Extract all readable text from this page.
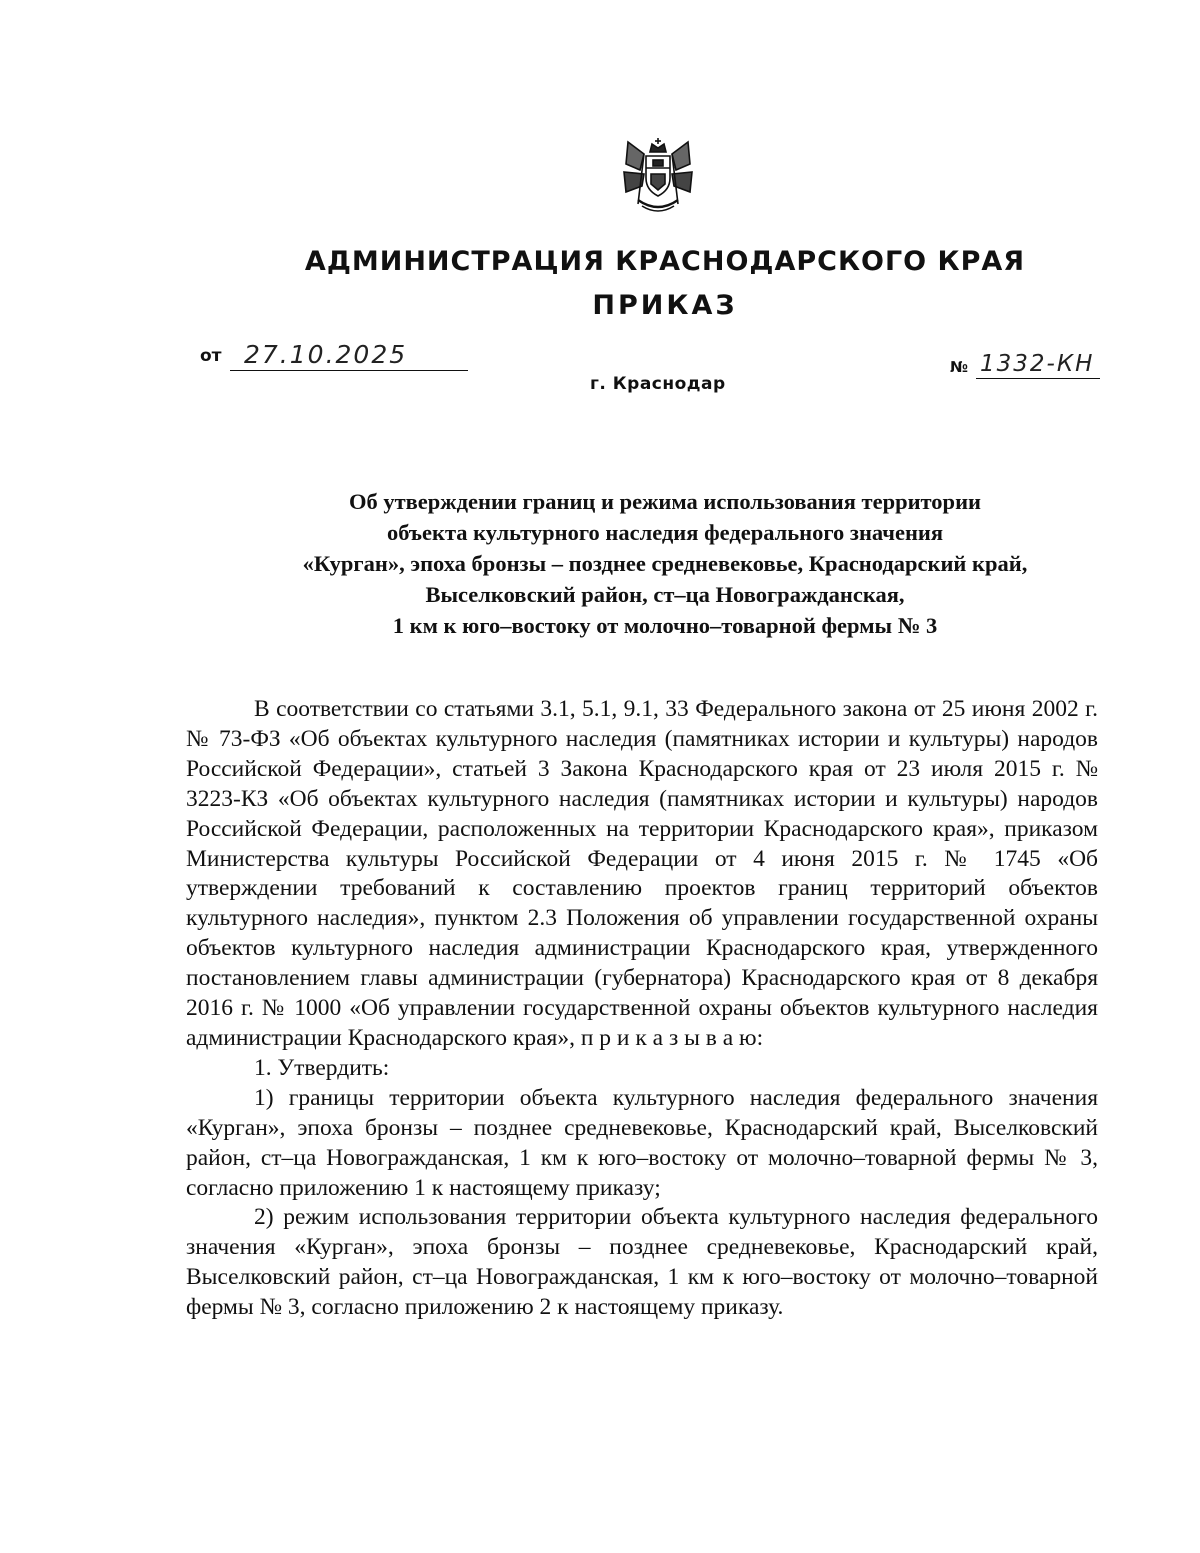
АДМИНИСТРАЦИЯ КРАСНОДАРСКОГО КРАЯ
ПРИКАЗ
от 27.10.2025	№ 1332-КН
г. Краснодар
Об утверждении границ и режима использования территории
объекта культурного наследия федерального значения
«Курган», эпоха бронзы – позднее средневековье, Краснодарский край,
Выселковский район, ст–ца Новогражданская,
1 км к юго–востоку от молочно–товарной фермы № 3

В соответствии со статьями 3.1, 5.1, 9.1, 33 Федерального закона от 25 июня 2002 г. № 73-ФЗ «Об объектах культурного наследия (памятниках истории и культуры) народов Российской Федерации», статьей 3 Закона Краснодарского края от 23 июля 2015 г. № 3223-КЗ «Об объектах культурного наследия (памятниках истории и культуры) народов Российской Федерации, расположенных на территории Краснодарского края», приказом Министерства культуры Российской Федерации от 4 июня 2015 г. № 1745 «Об утверждении требований к составлению проектов границ территорий объектов культурного наследия», пунктом 2.3 Положения об управлении государственной охраны объектов культурного наследия администрации Краснодарского края, утвержденного постановлением главы администрации (губернатора) Краснодарского края от 8 декабря 2016 г. № 1000 «Об управлении государственной охраны объектов культурного наследия администрации Краснодарского края», п р и к а з ы в а ю:

1. Утвердить:

1) границы территории объекта культурного наследия федерального значения «Курган», эпоха бронзы – позднее средневековье, Краснодарский край, Выселковский район, ст–ца Новогражданская, 1 км к юго–востоку от молочно–товарной фермы № 3, согласно приложению 1 к настоящему приказу;

2) режим использования территории объекта культурного наследия федерального значения «Курган», эпоха бронзы – позднее средневековье, Краснодарский край, Выселковский район, ст–ца Новогражданская, 1 км к юго–востоку от молочно–товарной фермы № 3, согласно приложению 2 к настоящему приказу.
